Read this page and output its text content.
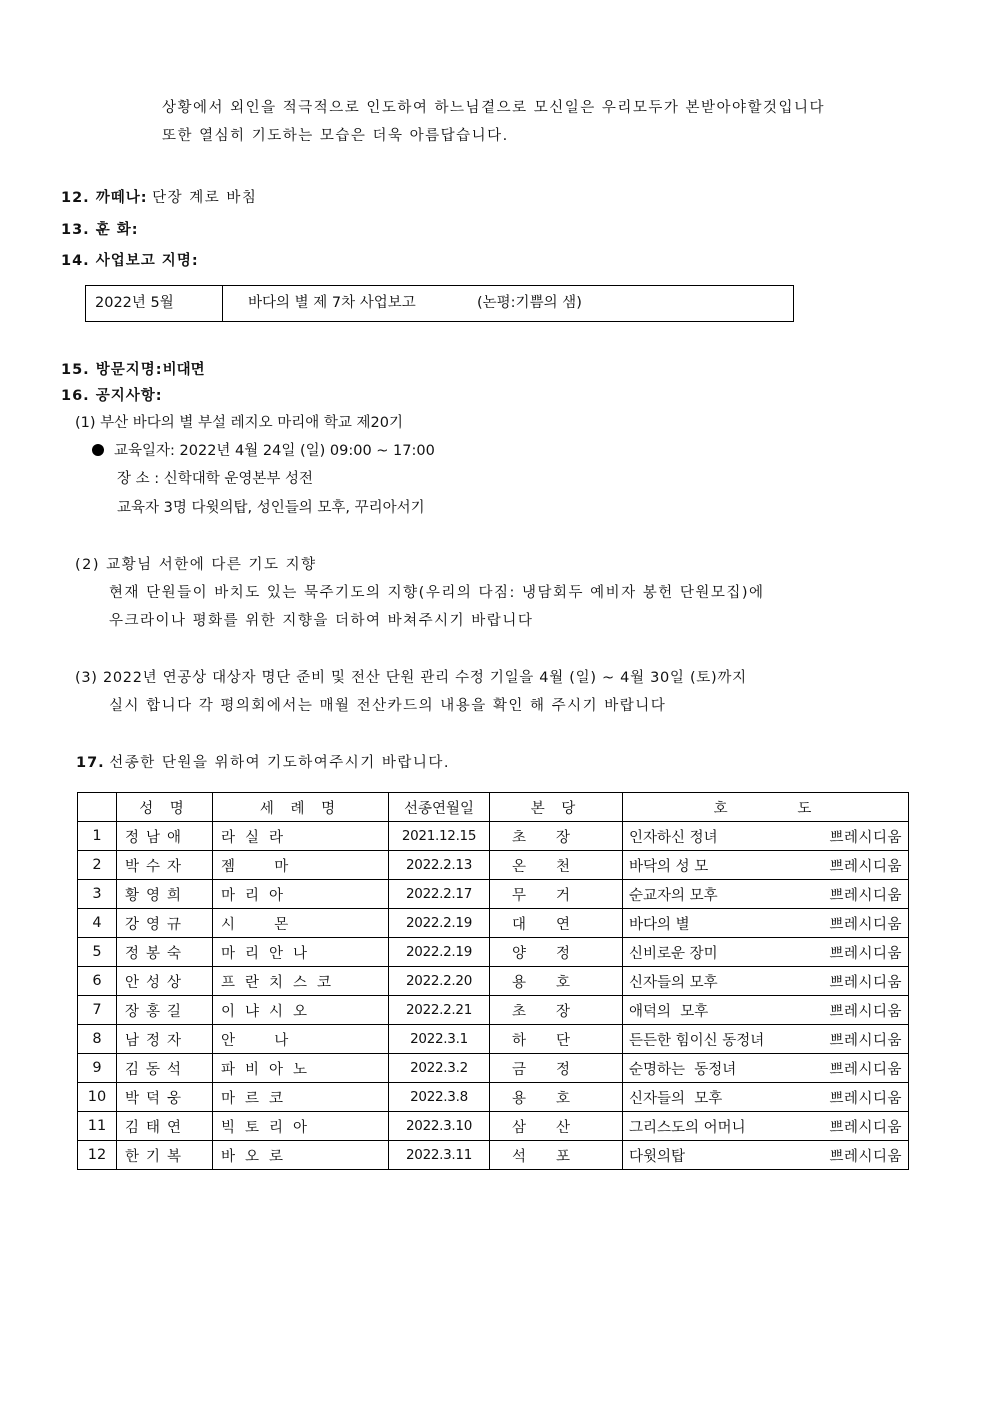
상황에서 외인을 적극적으로 인도하여 하느님곁으로 모신일은 우리모두가 본받아야할것입니다
또한 열심히 기도하는 모습은 더욱 아름답습니다.
12. 까떼나: 단장 계로 바침
13. 훈 화:
14. 사업보고 지명:
2022년 5월	바다의 별 제 7차 사업보고	(논평:기쁨의 샘)
15. 방문지명:비대면
16. 공지사항:
(1) 부산 바다의 별 부설 레지오 마리애 학교 제20기
교육일자: 2022년 4월 24일 (일) 09:00 ~ 17:00
장 소 : 신학대학 운영본부 성전
교육자 3명 다윗의탑, 성인들의 모후, 꾸리아서기
(2) 교황님 서한에 다른 기도 지향
현재 단원들이 바치도 있는 묵주기도의 지향(우리의 다짐: 냉담회두 예비자 봉헌 단원모집)에
우크라이나 평화를 위한 지향을 더하여 바쳐주시기 바랍니다
(3) 2022년 연공상 대상자 명단 준비 및 전산 단원 관리 수정 기일을 4월 (일) ~ 4월 30일 (토)까지
실시 합니다 각 평의회에서는 매월 전산카드의 내용을 확인 해 주시기 바랍니다
17. 선종한 단원을 위하여 기도하여주시기 바랍니다.
	성 명	세 례 명	선종연월일	본 당	호      도
1	정남애	라실라	2021.12.15	초장	인자하신 정녀 쁘레시디움

2	박수자	젬  마	2022.2.13	온천	바닥의 성 모 쁘레시디움

3	황영희	마리아	2022.2.17	무거	순교자의 모후 쁘레시디움

4	강영규	시  몬	2022.2.19	대연	바다의 별 쁘레시디움

5	정봉숙	마리안나	2022.2.19	양정	신비로운 장미 쁘레시디움

6	안성상	프란치스코	2022.2.20	용호	신자들의 모후 쁘레시디움

7	장홍길	이냐시오	2022.2.21	초장	애덕의  모후 쁘레시디움

8	남정자	안  나	2022.3.1	하단	든든한 힘이신 동정녀 쁘레시디움

9	김동석	파비아노	2022.3.2	금정	순명하는  동정녀 쁘레시디움

10	박덕웅	마르코	2022.3.8	용호	신자들의  모후 쁘레시디움

11	김태연	빅토리아	2022.3.10	삼산	그리스도의 어머니 쁘레시디움

12	한기복	바오로	2022.3.11	석포	다윗의탑 쁘레시디움
